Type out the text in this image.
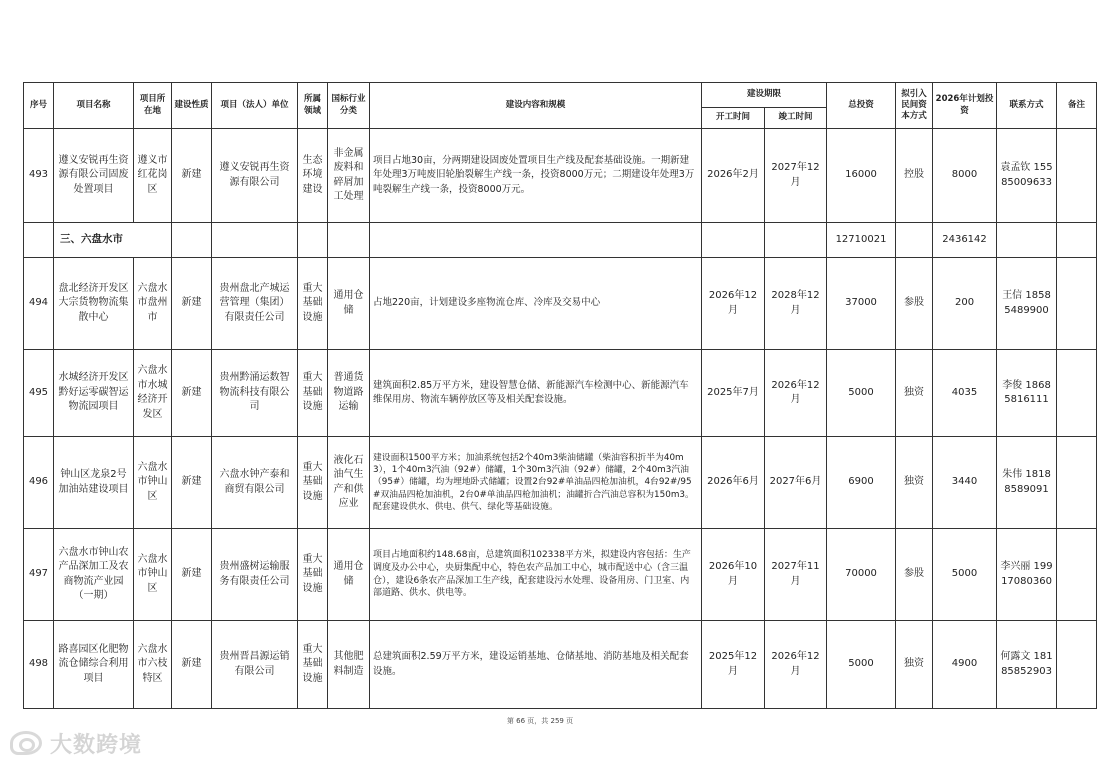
序号	项目名称	项目所在地	建设性质	项目（法人）单位	所属领域	国标行业分类	建设内容和规模	建设期限		总投资	拟引入民间资本方式	2026年计划投资	联系方式	备注
								开工时间	竣工时间					
493	遵义安锐再生资源有限公司固废处置项目	遵义市红花岗区	新建	遵义安锐再生资源有限公司	生态环境建设	非金属废料和碎屑加工处理	项目占地30亩，分两期建设固废处置项目生产线及配套基础设施。一期新建年处理3万吨废旧轮胎裂解生产线一条，投资8000万元；二期建设年处理3万吨裂解生产线一条，投资8000万元。	2026年2月	2027年12月	16000	控股	8000	袁孟钦 15585009633	
	三、六盘水市									12710021		2436142		
494	盘北经济开发区大宗货物物流集散中心	六盘水市盘州市	新建	贵州盘北产城运营管理（集团）有限责任公司	重大基础设施	通用仓储	占地220亩，计划建设多座物流仓库、冷库及交易中心	2026年12月	2028年12月	37000	参股	200	王信 18585489900	
495	水城经济开发区黔好运零碳智运物流园项目	六盘水市水城经济开发区	新建	贵州黔涌运数智物流科技有限公司	重大基础设施	普通货物道路运输	建筑面积2.85万平方米，建设智慧仓储、新能源汽车检测中心、新能源汽车维保用房、物流车辆停放区等及相关配套设施。	2025年7月	2026年12月	5000	独资	4035	李俊 18685816111	
496	钟山区龙泉2号加油站建设项目	六盘水市钟山区	新建	六盘水钟产泰和商贸有限公司	重大基础设施	液化石油气生产和供应业	建设面积1500平方米；加油系统包括2个40m3柴油储罐（柴油容积折半为40m3），1个40m3汽油（92#）储罐，1个30m3汽油（92#）储罐，2个40m3汽油（95#）储罐，均为埋地卧式储罐；设置2台92#单油品四枪加油机，4台92#/95#双油品四枪加油机，2台0#单油品四枪加油机；油罐折合汽油总容积为150m3。配套建设供水、供电、供气、绿化等基础设施。	2026年6月	2027年6月	6900	独资	3440	朱伟 18188589091	
497	六盘水市钟山农产品深加工及农商物流产业园（一期）	六盘水市钟山区	新建	贵州盛树运输服务有限责任公司	重大基础设施	通用仓储	项目占地面积约148.68亩，总建筑面积102338平方米，拟建设内容包括：生产调度及办公中心，央厨集配中心，特色农产品加工中心，城市配送中心（含三温仓），建设6条农产品深加工生产线，配套建设污水处理、设备用房、门卫室、内部道路、供水、供电等。	2026年10月	2027年11月	70000	参股	5000	李兴丽 19917080360	
498	路喜园区化肥物流仓储综合利用项目	六盘水市六枝特区	新建	贵州晋昌源运销有限公司	重大基础设施	其他肥料制造	总建筑面积2.59万平方米，建设运销基地、仓储基地、消防基地及相关配套设施。	2025年12月	2026年12月	5000	独资	4900	何露文 18185852903	
第 66 页，共 259 页
大数跨境
